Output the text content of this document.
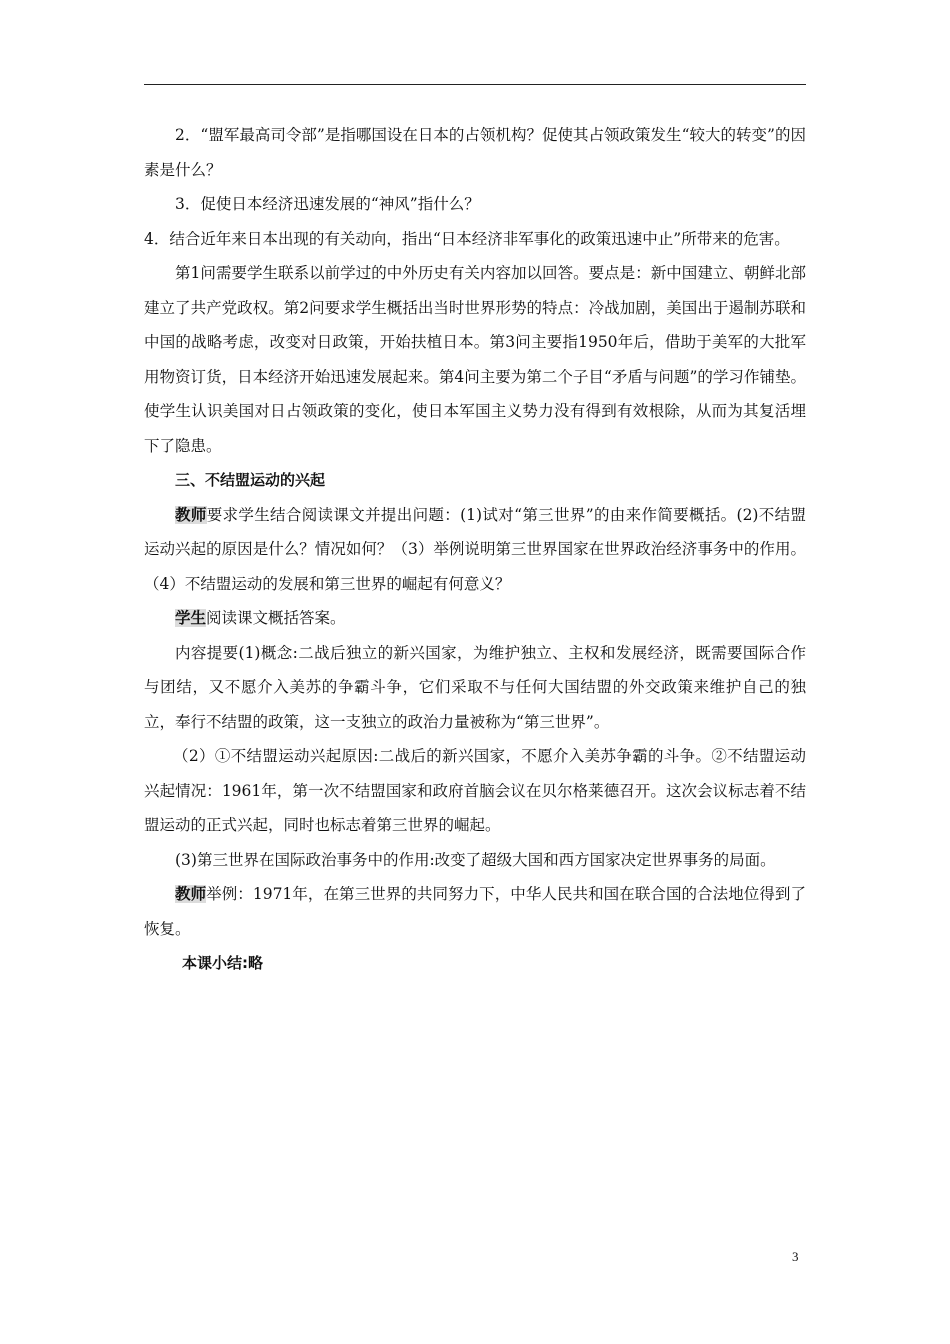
2．“盟军最高司令部”是指哪国设在日本的占领机构？促使其占领政策发生“较大的转变”的因素是什么？

3．促使日本经济迅速发展的“神风”指什么？

4．结合近年来日本出现的有关动向，指出“日本经济非军事化的政策迅速中止”所带来的危害。

第1问需要学生联系以前学过的中外历史有关内容加以回答。要点是：新中国建立、朝鲜北部建立了共产党政权。第2问要求学生概括出当时世界形势的特点：冷战加剧，美国出于遏制苏联和中国的战略考虑，改变对日政策，开始扶植日本。第3问主要指1950年后，借助于美军的大批军用物资订货，日本经济开始迅速发展起来。第4问主要为第二个子目“矛盾与问题”的学习作铺垫。使学生认识美国对日占领政策的变化，使日本军国主义势力没有得到有效根除，从而为其复活埋下了隐患。

三、不结盟运动的兴起

教师要求学生结合阅读课文并提出问题：(1)试对“第三世界”的由来作简要概括。(2)不结盟运动兴起的原因是什么？情况如何？（3）举例说明第三世界国家在世界政治经济事务中的作用。（4）不结盟运动的发展和第三世界的崛起有何意义？

学生阅读课文概括答案。

内容提要(1)概念:二战后独立的新兴国家，为维护独立、主权和发展经济，既需要国际合作与团结，又不愿介入美苏的争霸斗争，它们采取不与任何大国结盟的外交政策来维护自己的独立，奉行不结盟的政策，这一支独立的政治力量被称为“第三世界”。

（2）①不结盟运动兴起原因:二战后的新兴国家，不愿介入美苏争霸的斗争。②不结盟运动兴起情况：1961年，第一次不结盟国家和政府首脑会议在贝尔格莱德召开。这次会议标志着不结盟运动的正式兴起，同时也标志着第三世界的崛起。

(3)第三世界在国际政治事务中的作用:改变了超级大国和西方国家决定世界事务的局面。

教师举例：1971年，在第三世界的共同努力下，中华人民共和国在联合国的合法地位得到了恢复。

本课小结:略

3
